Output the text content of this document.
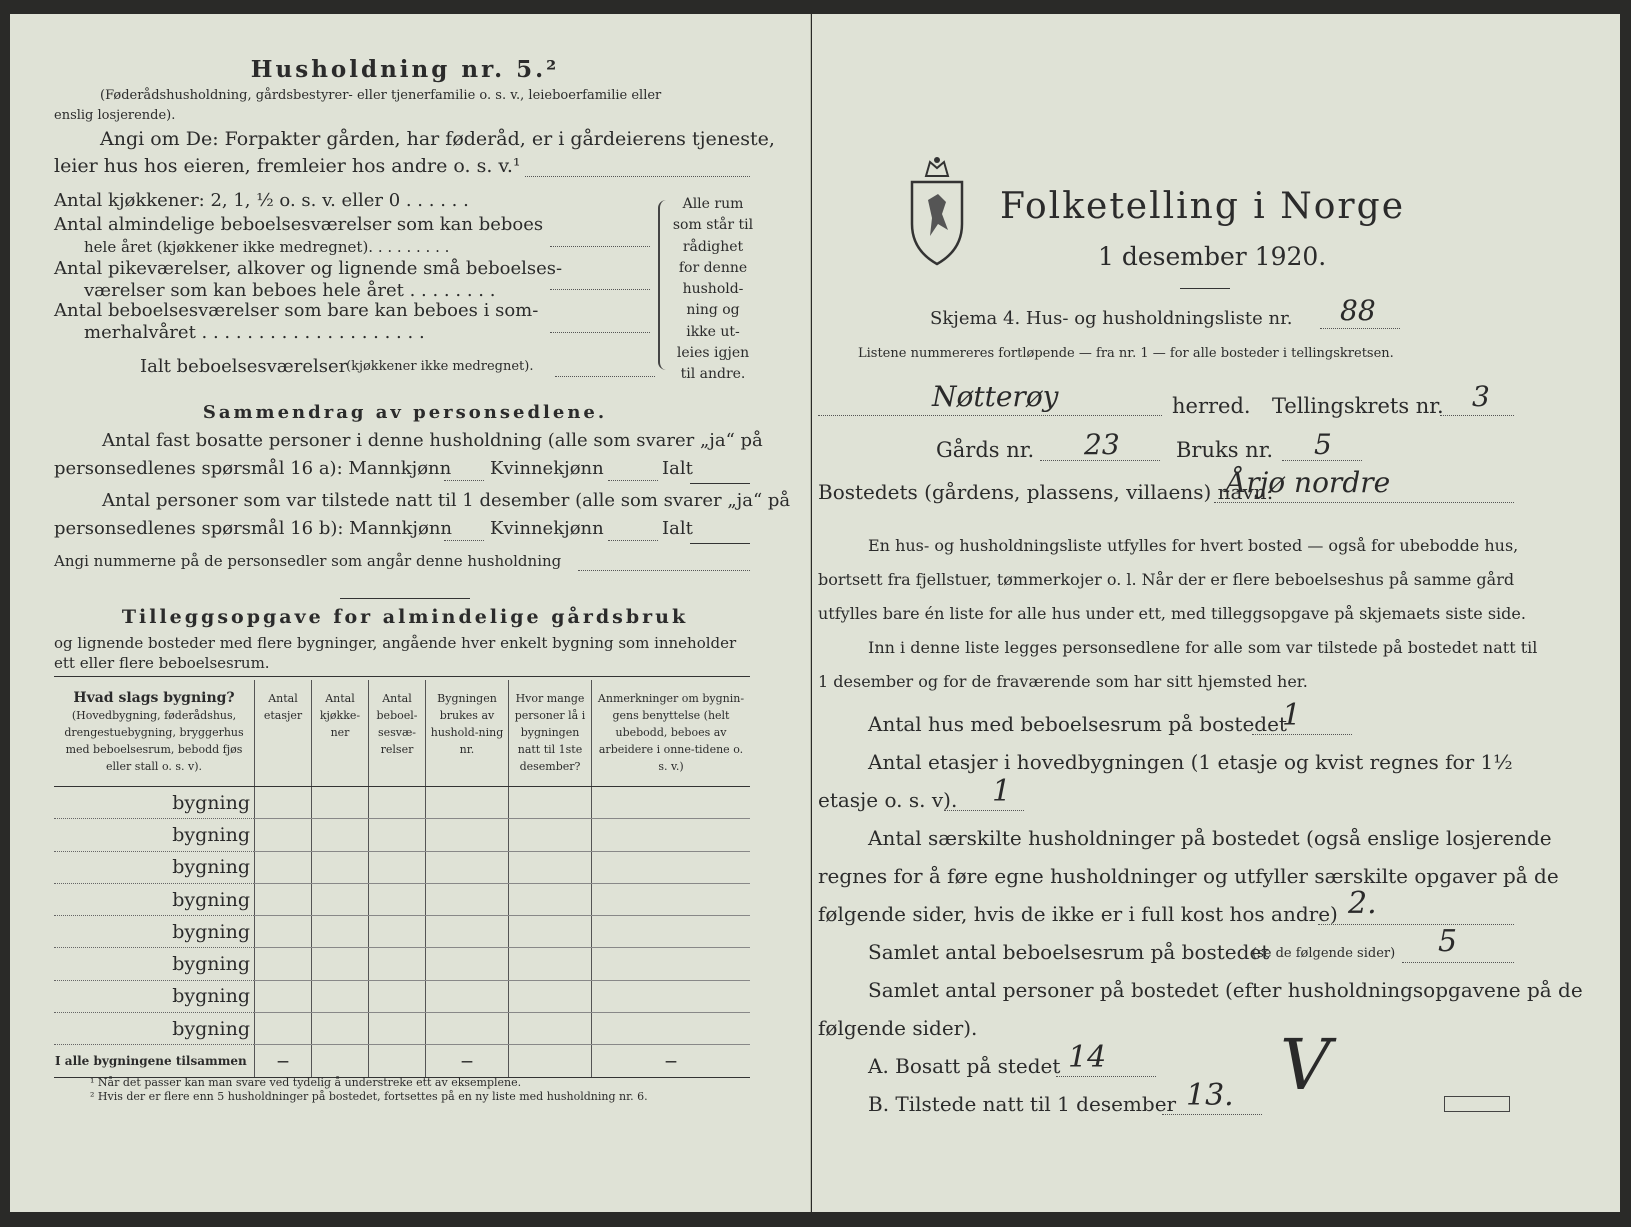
Husholdning nr. 5.²
(Føderådshusholdning, gårdsbestyrer- eller tjenerfamilie o. s. v., leieboerfamilie eller
enslig losjerende).
Angi om De: Forpakter gården, har føderåd, er i gårdeierens tjeneste,
leier hus hos eieren, fremleier hos andre o. s. v.¹
Antal kjøkkener: 2, 1, ½ o. s. v. eller 0 . . . . . .
Antal almindelige beboelsesværelser som kan beboes
hele året (kjøkkener ikke medregnet). . . . . . . . .
Antal pikeværelser, alkover og lignende små beboelses-
værelser som kan beboes hele året . . . . . . . .
Antal beboelsesværelser som bare kan beboes i som-
merhalvåret . . . . . . . . . . . . . . . . . . . .
Alle rum
som står til
rådighet
for denne
hushold-
ning og
ikke ut-
leies igjen
til andre.
Ialt beboelsesværelser
(kjøkkener ikke medregnet).
Sammendrag av personsedlene.
Antal fast bosatte personer i denne husholdning (alle som svarer „ja“ på
personsedlenes spørsmål 16 a): Mannkjønn Kvinnekjønn	Ialt
Antal personer som var tilstede natt til 1 desember (alle som svarer „ja“ på
personsedlenes spørsmål 16 b): Mannkjønn Kvinnekjønn	Ialt
Angi nummerne på de personsedler som angår denne husholdning
Tilleggsopgave for almindelige gårdsbruk
og lignende bosteder med flere bygninger, angående hver enkelt bygning som inneholder
ett eller flere beboelsesrum.
Hvad slags bygning?
(Hovedbygning, føderådshus, drengestuebygning, bryggerhus med beboelsesrum, bebodd fjøs eller stall o. s. v).	Antal etasjer	Antal kjøkke-ner	Antal beboel-sesvæ-relser	Bygningen brukes av hushold-ning nr.	Hvor mange personer lå i bygningen natt til 1ste desember?	Anmerkninger om bygnin-gens benyttelse (helt ubebodd, beboes av arbeidere i onne-tidene o. s. v.)
bygning						
bygning						
bygning						
bygning						
bygning						
bygning						
bygning						
bygning						
I alle bygningene tilsammen	—			—		—
¹ Når det passer kan man svare ved tydelig å understreke ett av eksemplene.
² Hvis der er flere enn 5 husholdninger på bostedet, fortsettes på en ny liste med husholdning nr. 6.
Folketelling i Norge
1 desember 1920.
Skjema 4. Hus- og husholdningsliste nr. 88
Listene nummereres fortløpende — fra nr. 1 — for alle bosteder i tellingskretsen.
Nøtterøy	herred. Tellingskrets nr. 3
Gårds nr. 23	Bruks nr. 5
Bostedets (gårdens, plassens, villaens) navn:
Årjø nordre
En hus- og husholdningsliste utfylles for hvert bosted — også for ubebodde hus,
bortsett fra fjellstuer, tømmerkojer o. l. Når der er flere beboelseshus på samme gård
utfylles bare én liste for alle hus under ett, med tilleggsopgave på skjemaets siste side.
Inn i denne liste legges personsedlene for alle som var tilstede på bostedet natt til
1 desember og for de fraværende som har sitt hjemsted her.
Antal hus med beboelsesrum på bostedet
1
Antal etasjer i hovedbygningen (1 etasje og kvist regnes for 1½
etasje o. s. v). 1
Antal særskilte husholdninger på bostedet (også enslige losjerende
regnes for å føre egne husholdninger og utfyller særskilte opgaver på de
følgende sider, hvis de ikke er i full kost hos andre) 2.
Samlet antal beboelsesrum på bostedet
(se de følgende sider) 5
Samlet antal personer på bostedet (efter husholdningsopgavene på de
følgende sider).
A. Bosatt på stedet 14
B. Tilstede natt til 1 desember 13. V
